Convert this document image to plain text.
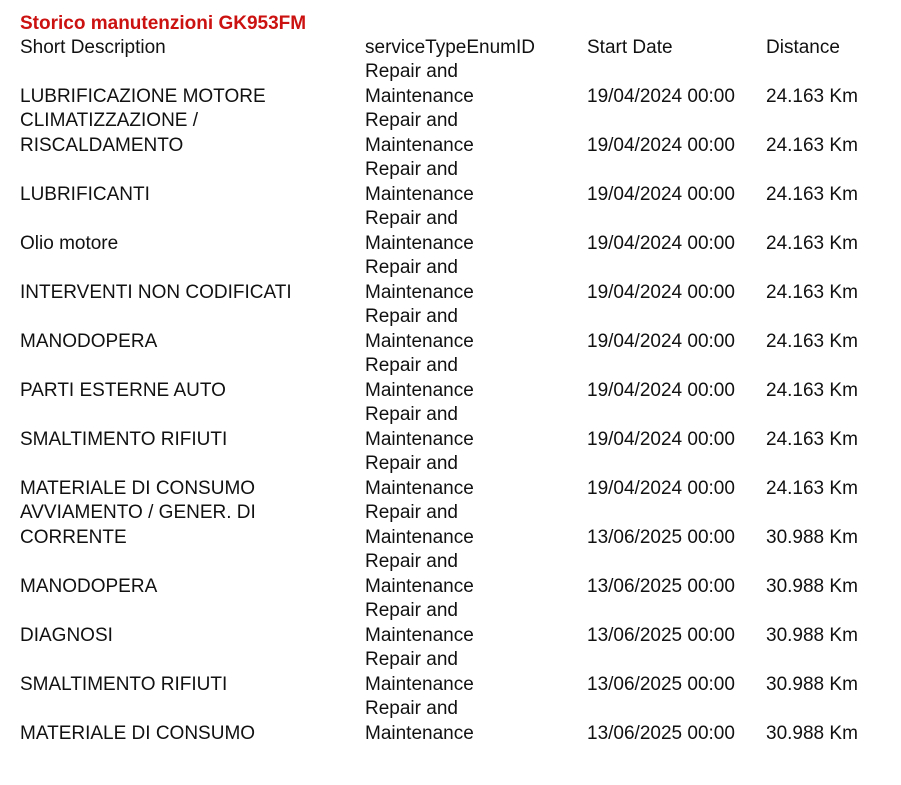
Storico manutenzioni GK953FM
Short Description	serviceTypeEnumID	Start Date	Distance

LUBRIFICAZIONE MOTORE	Repair and Maintenance	19/04/2024 00:00	24.163 Km

CLIMATIZZAZIONE / RISCALDAMENTO	Repair and Maintenance	19/04/2024 00:00	24.163 Km

LUBRIFICANTI	Repair and Maintenance	19/04/2024 00:00	24.163 Km

Olio motore	Repair and Maintenance	19/04/2024 00:00	24.163 Km

INTERVENTI NON CODIFICATI	Repair and Maintenance	19/04/2024 00:00	24.163 Km

MANODOPERA	Repair and Maintenance	19/04/2024 00:00	24.163 Km

PARTI ESTERNE AUTO	Repair and Maintenance	19/04/2024 00:00	24.163 Km

SMALTIMENTO RIFIUTI	Repair and Maintenance	19/04/2024 00:00	24.163 Km

MATERIALE DI CONSUMO	Repair and Maintenance	19/04/2024 00:00	24.163 Km

AVVIAMENTO / GENER. DI CORRENTE	Repair and Maintenance	13/06/2025 00:00	30.988 Km

MANODOPERA	Repair and Maintenance	13/06/2025 00:00	30.988 Km

DIAGNOSI	Repair and Maintenance	13/06/2025 00:00	30.988 Km

SMALTIMENTO RIFIUTI	Repair and Maintenance	13/06/2025 00:00	30.988 Km

MATERIALE DI CONSUMO	Repair and Maintenance	13/06/2025 00:00	30.988 Km
